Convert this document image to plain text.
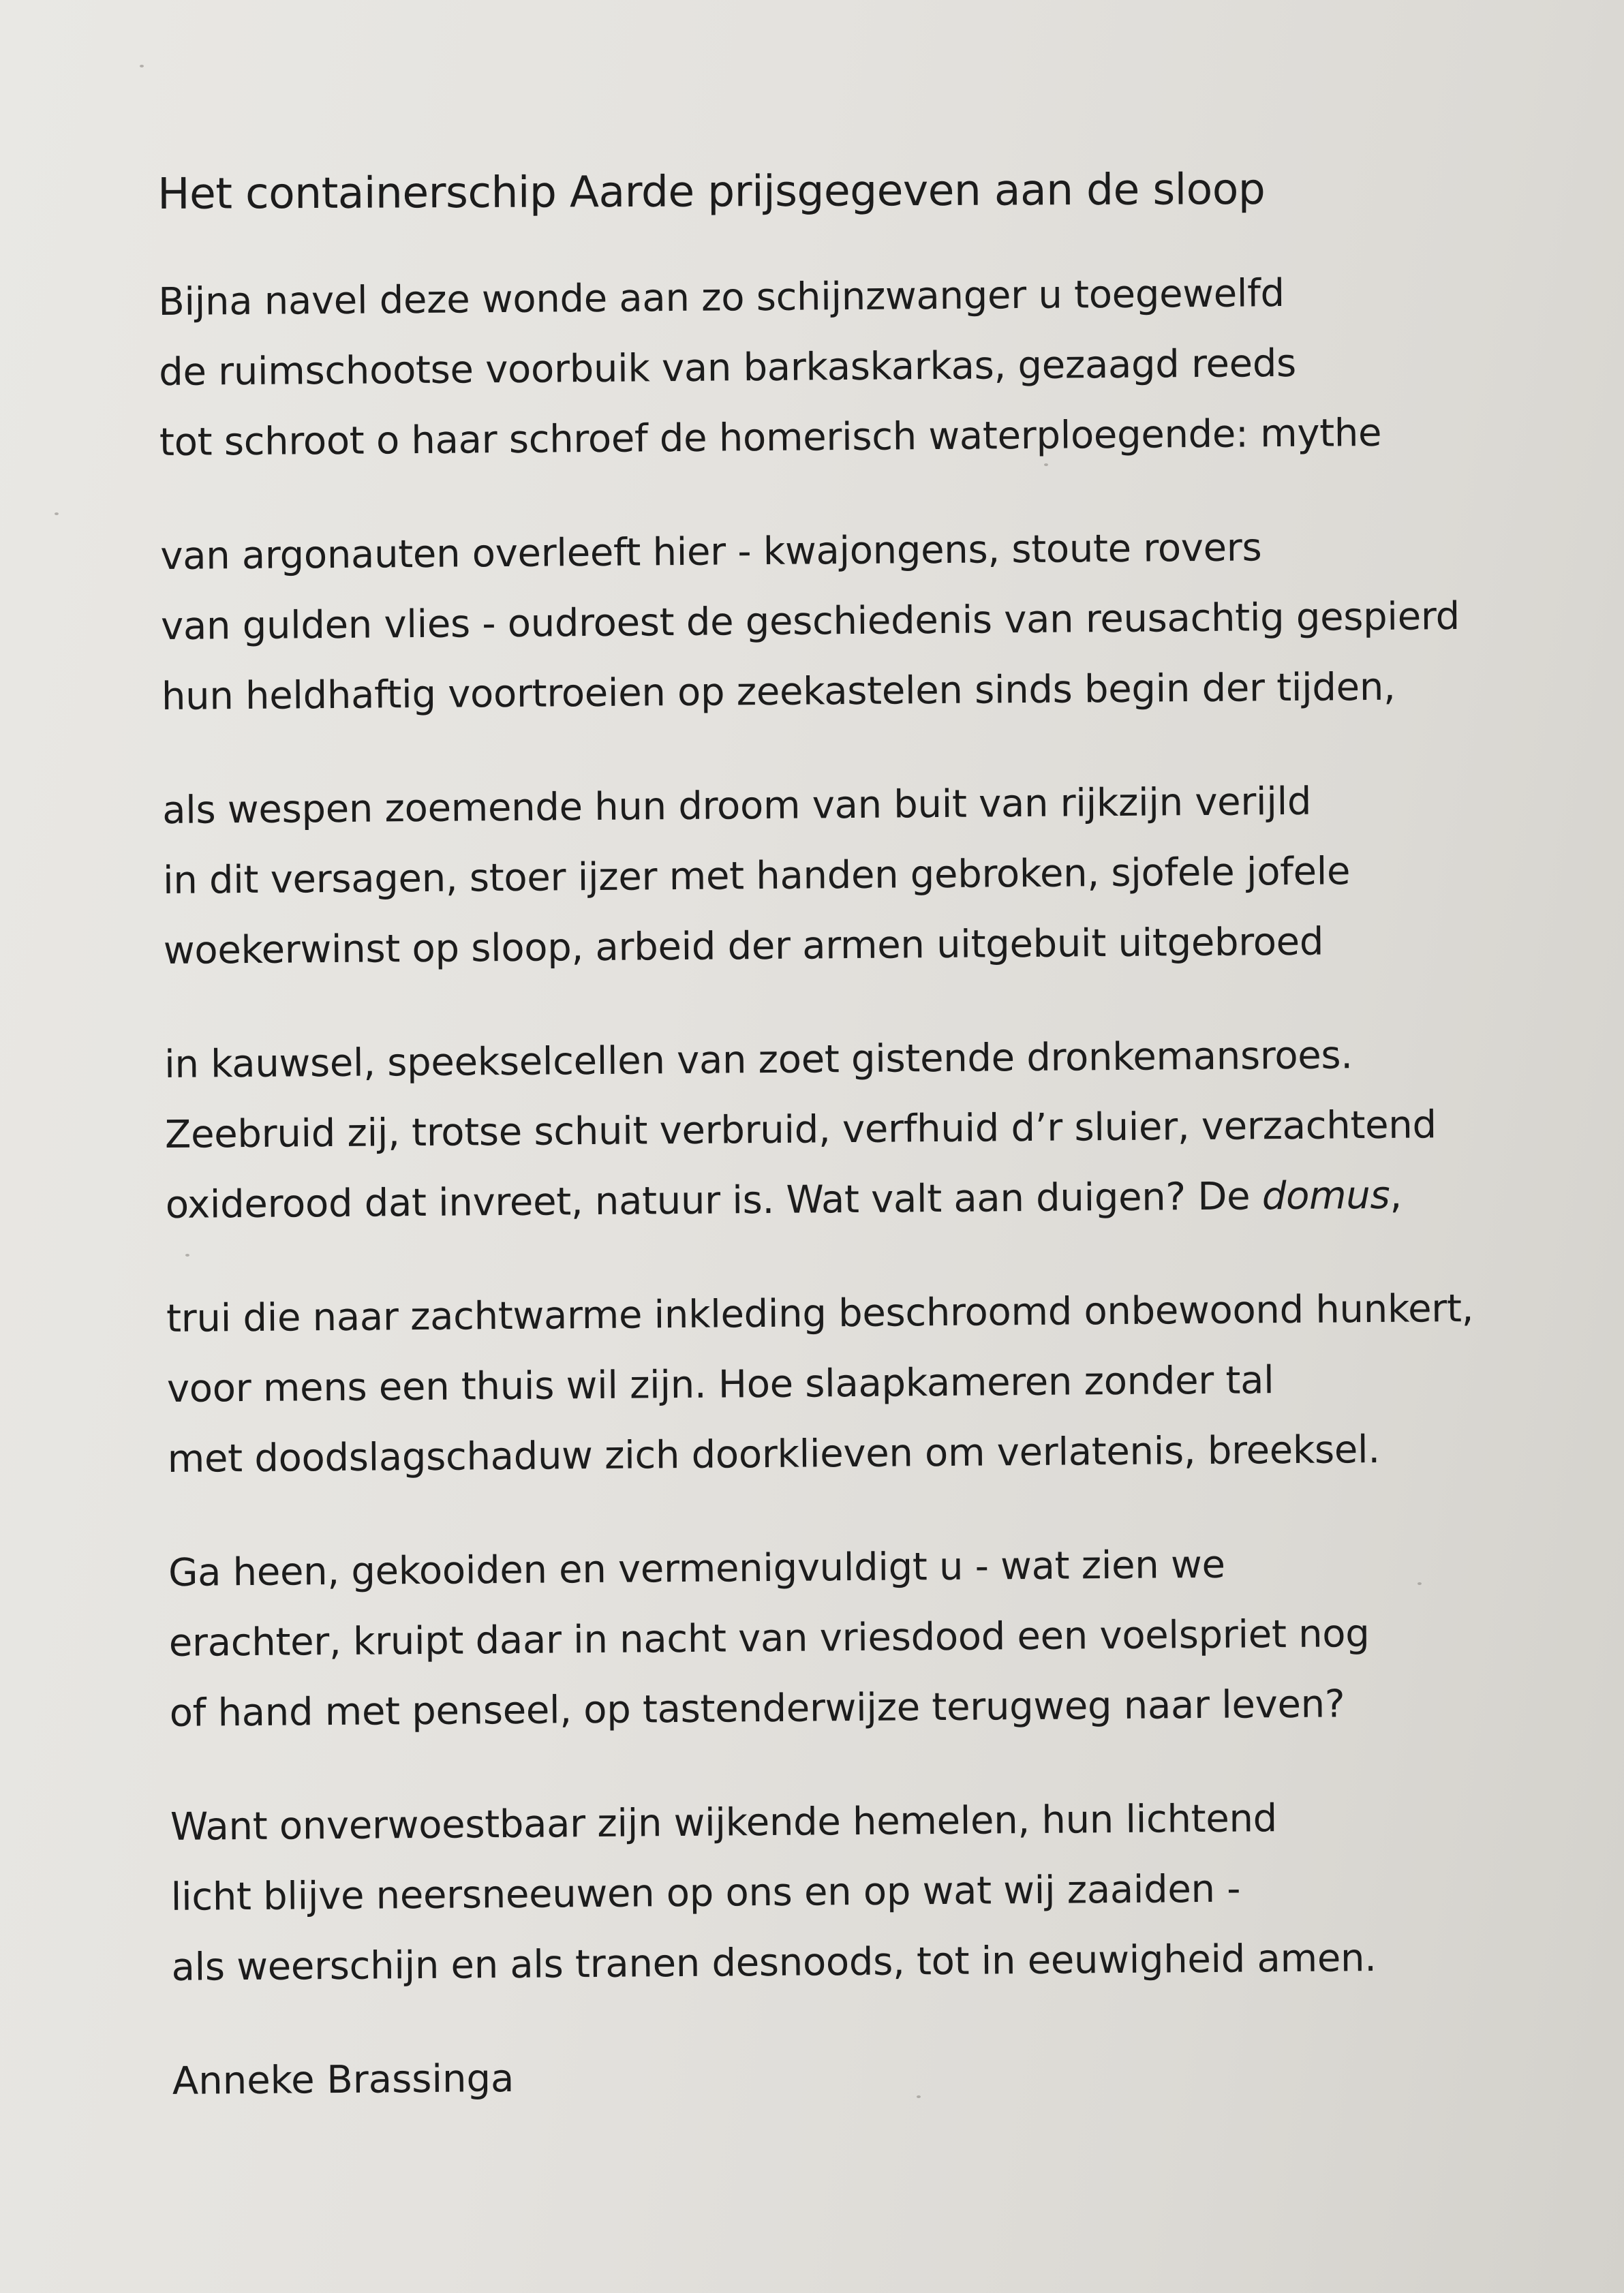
Het containerschip Aarde prijsgegeven aan de sloop

Bijna navel deze wonde aan zo schijnzwanger u toegewelfd
de ruimschootse voorbuik van barkaskarkas, gezaagd reeds
tot schroot o haar schroef de homerisch waterploegende: mythe

van argonauten overleeft hier - kwajongens, stoute rovers
van gulden vlies - oudroest de geschiedenis van reusachtig gespierd
hun heldhaftig voortroeien op zeekastelen sinds begin der tijden,

als wespen zoemende hun droom van buit van rijkzijn verijld
in dit versagen, stoer ijzer met handen gebroken, sjofele jofele
woekerwinst op sloop, arbeid der armen uitgebuit uitgebroed

in kauwsel, speekselcellen van zoet gistende dronkemansroes.
Zeebruid zij, trotse schuit verbruid, verfhuid d’r sluier, verzachtend
oxiderood dat invreet, natuur is. Wat valt aan duigen? De domus,

trui die naar zachtwarme inkleding beschroomd onbewoond hunkert,
voor mens een thuis wil zijn. Hoe slaapkameren zonder tal
met doodslagschaduw zich doorklieven om verlatenis, breeksel.

Ga heen, gekooiden en vermenigvuldigt u - wat zien we
erachter, kruipt daar in nacht van vriesdood een voelspriet nog
of hand met penseel, op tastenderwijze terugweg naar leven?

Want onverwoestbaar zijn wijkende hemelen, hun lichtend
licht blijve neersneeuwen op ons en op wat wij zaaiden -
als weerschijn en als tranen desnoods, tot in eeuwigheid amen.

Anneke Brassinga
